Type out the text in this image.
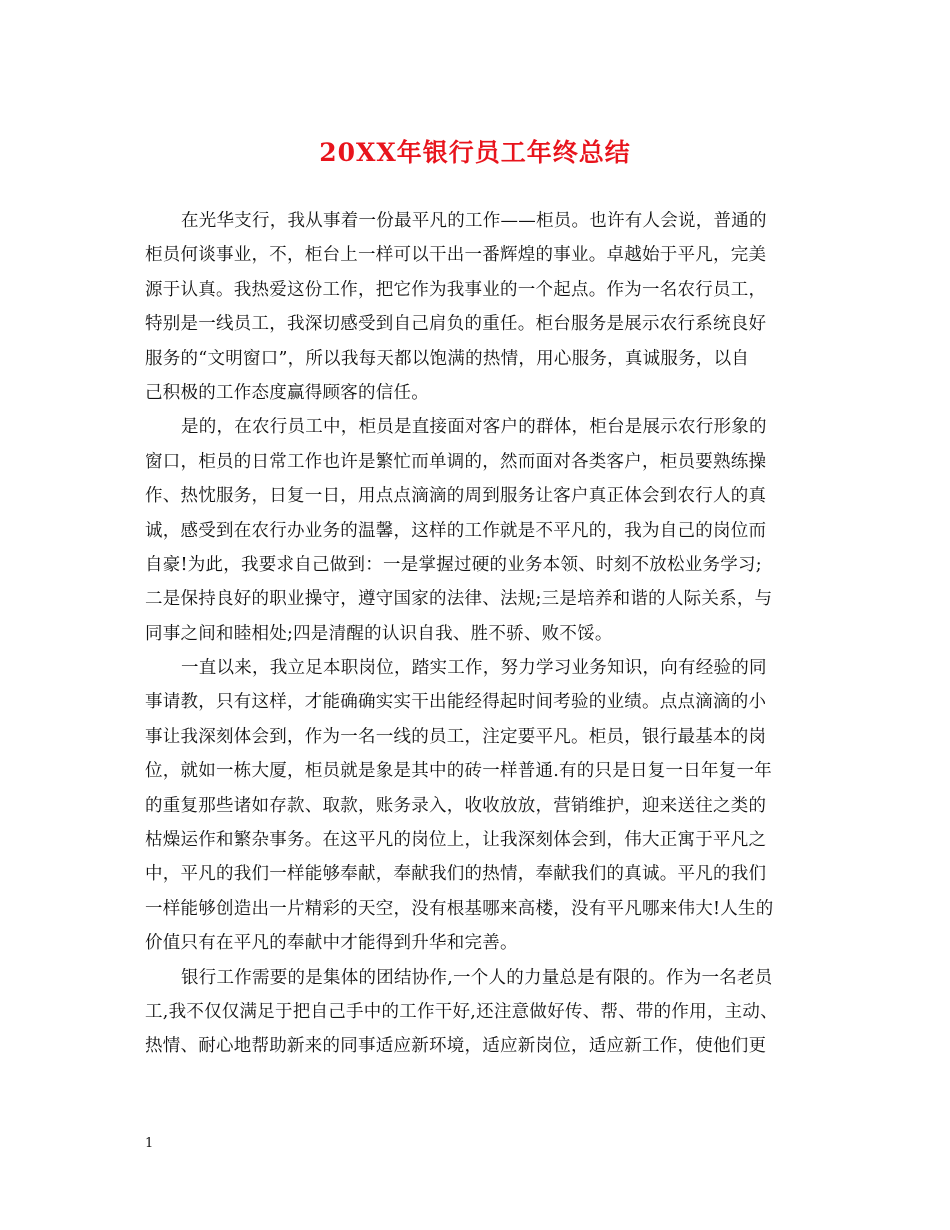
20XX年银行员工年终总结
在光华支行，我从事着一份最平凡的工作——柜员。也许有人会说，普通的
柜员何谈事业，不，柜台上一样可以干出一番辉煌的事业。卓越始于平凡，完美
源于认真。我热爱这份工作，把它作为我事业的一个起点。作为一名农行员工，
特别是一线员工，我深切感受到自己肩负的重任。柜台服务是展示农行系统良好
服务的“文明窗口”，所以我每天都以饱满的热情，用心服务，真诚服务，以自
己积极的工作态度赢得顾客的信任。
是的，在农行员工中，柜员是直接面对客户的群体，柜台是展示农行形象的
窗口，柜员的日常工作也许是繁忙而单调的，然而面对各类客户，柜员要熟练操
作、热忱服务，日复一日，用点点滴滴的周到服务让客户真正体会到农行人的真
诚，感受到在农行办业务的温馨，这样的工作就是不平凡的，我为自己的岗位而
自豪!为此，我要求自己做到：一是掌握过硬的业务本领、时刻不放松业务学习;
二是保持良好的职业操守，遵守国家的法律、法规;三是培养和谐的人际关系，与
同事之间和睦相处;四是清醒的认识自我、胜不骄、败不馁。
一直以来，我立足本职岗位，踏实工作，努力学习业务知识，向有经验的同
事请教，只有这样，才能确确实实干出能经得起时间考验的业绩。点点滴滴的小
事让我深刻体会到，作为一名一线的员工，注定要平凡。柜员，银行最基本的岗
位，就如一栋大厦，柜员就是象是其中的砖一样普通.有的只是日复一日年复一年
的重复那些诸如存款、取款，账务录入，收收放放，营销维护，迎来送往之类的
枯燥运作和繁杂事务。在这平凡的岗位上，让我深刻体会到，伟大正寓于平凡之
中，平凡的我们一样能够奉献，奉献我们的热情，奉献我们的真诚。平凡的我们
一样能够创造出一片精彩的天空，没有根基哪来高楼，没有平凡哪来伟大!人生的
价值只有在平凡的奉献中才能得到升华和完善。
银行工作需要的是集体的团结协作,一个人的力量总是有限的。作为一名老员
工,我不仅仅满足于把自己手中的工作干好,还注意做好传、帮、带的作用，主动、
热情、耐心地帮助新来的同事适应新环境，适应新岗位，适应新工作，使他们更
1
